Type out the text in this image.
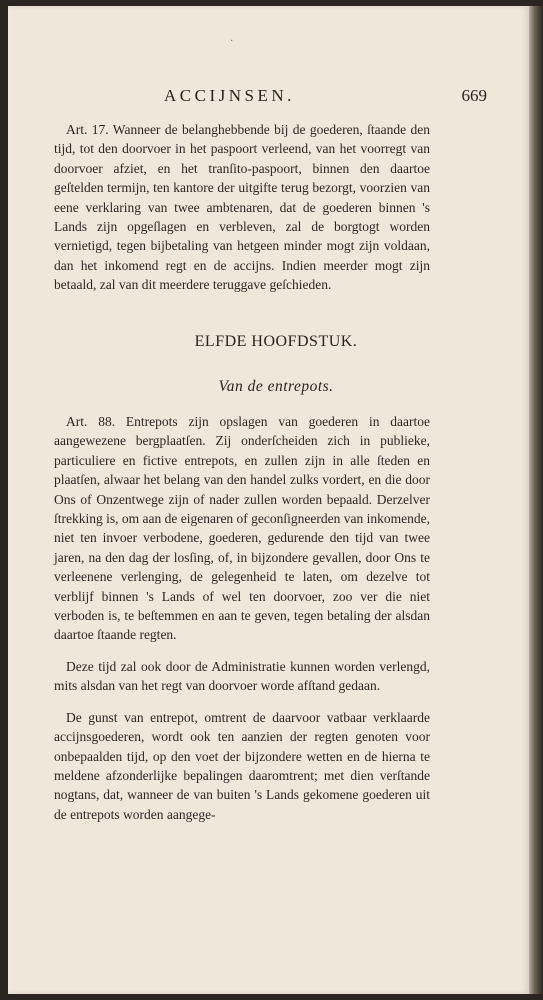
·
ACCIJNSEN.	669

Art. 17. Wanneer de belanghebbende bij de goederen, ſtaande den tijd, tot den doorvoer in het paspoort verleend, van het voorregt van doorvoer afziet, en het tranſito-paspoort, binnen den daartoe geſtelden termijn, ten kantore der uitgifte terug bezorgt, voorzien van eene verklaring van twee ambtenaren, dat de goederen binnen 's Lands zijn opgeſlagen en verbleven, zal de borgtogt worden vernietigd, tegen bijbetaling van hetgeen minder mogt zijn voldaan, dan het inkomend regt en de accijns. Indien meerder mogt zijn betaald, zal van dit meerdere teruggave geſchieden.

ELFDE HOOFDSTUK.
Van de entrepots.

Art. 88. Entrepots zijn opslagen van goederen in daartoe aangewezene bergplaatſen. Zij onderſcheiden zich in publieke, particuliere en fictive entrepots, en zullen zijn in alle ſteden en plaatſen, alwaar het belang van den handel zulks vordert, en die door Ons of Onzentwege zijn of nader zullen worden bepaald. Derzelver ſtrekking is, om aan de eigenaren of geconſigneerden van inkomende, niet ten invoer verbodene, goederen, gedurende den tijd van twee jaren, na den dag der losſing, of, in bijzondere gevallen, door Ons te verleenene verlenging, de gelegenheid te laten, om dezelve tot verblijf binnen 's Lands of wel ten doorvoer, zoo ver die niet verboden is, te beſtemmen en aan te geven, tegen betaling der alsdan daartoe ſtaande regten.

Deze tijd zal ook door de Administratie kunnen worden verlengd, mits alsdan van het regt van doorvoer worde afſtand gedaan.

De gunst van entrepot, omtrent de daarvoor vatbaar verklaarde accijnsgoederen, wordt ook ten aanzien der regten genoten voor onbepaalden tijd, op den voet der bijzondere wetten en de hierna te meldene afzonderlijke bepalingen daaromtrent; met dien verſtande nogtans, dat, wanneer de van buiten 's Lands gekomene goederen uit de entrepots worden aangege-
